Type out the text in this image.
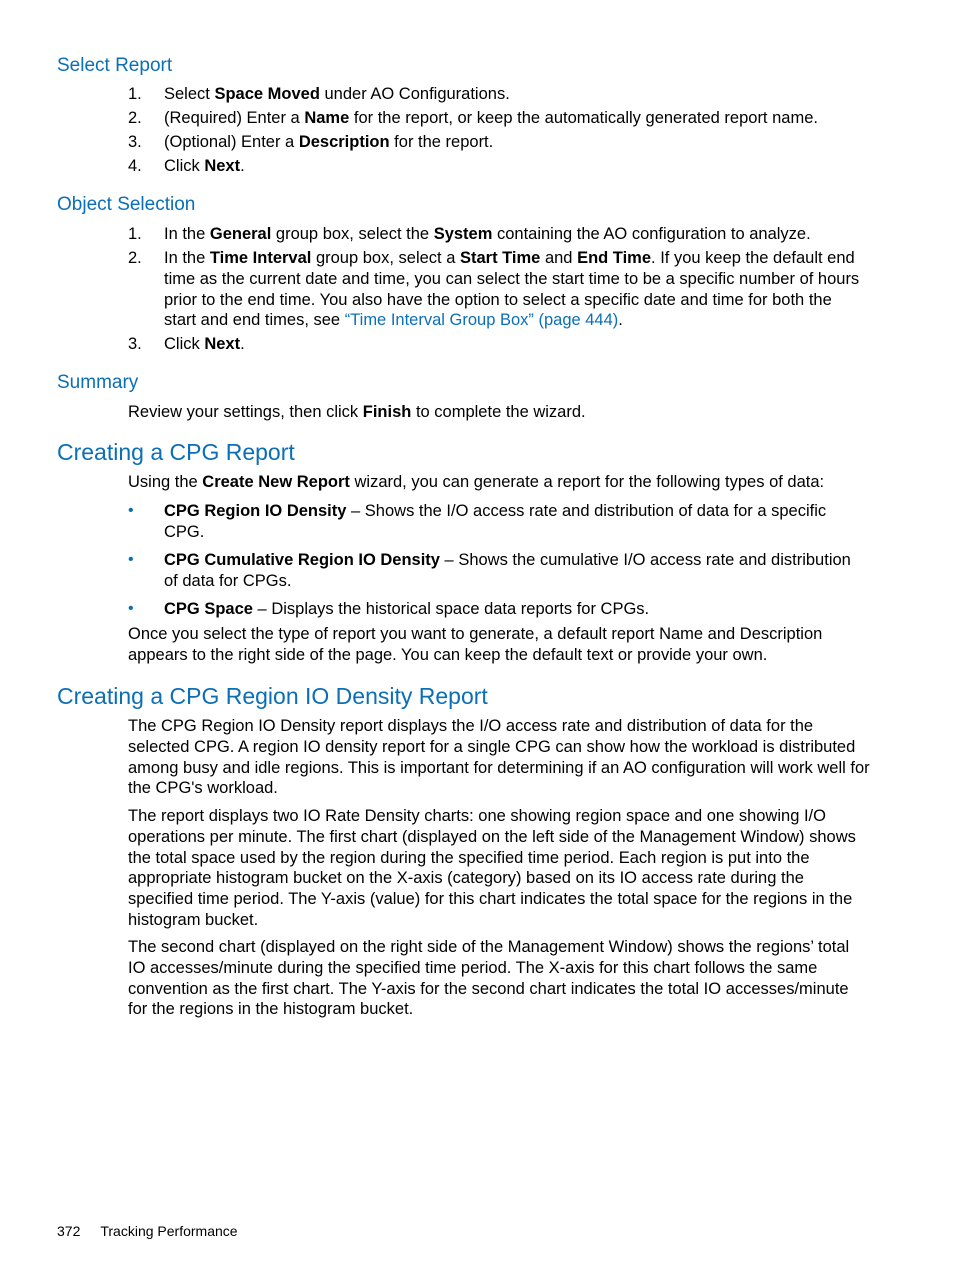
Select Report
1. Select Space Moved under AO Configurations.
2. (Required) Enter a Name for the report, or keep the automatically generated report name.
3. (Optional) Enter a Description for the report.
4. Click Next.
Object Selection
1. In the General group box, select the System containing the AO configuration to analyze.
2. In the Time Interval group box, select a Start Time and End Time. If you keep the default end time as the current date and time, you can select the start time to be a specific number of hours prior to the end time. You also have the option to select a specific date and time for both the start and end times, see “Time Interval Group Box” (page 444).
3. Click Next.
Summary
Review your settings, then click Finish to complete the wizard.
Creating a CPG Report
Using the Create New Report wizard, you can generate a report for the following types of data:
• CPG Region IO Density – Shows the I/O access rate and distribution of data for a specific CPG.
• CPG Cumulative Region IO Density – Shows the cumulative I/O access rate and distribution of data for CPGs.
• CPG Space – Displays the historical space data reports for CPGs.
Once you select the type of report you want to generate, a default report Name and Description appears to the right side of the page. You can keep the default text or provide your own.
Creating a CPG Region IO Density Report
The CPG Region IO Density report displays the I/O access rate and distribution of data for the selected CPG. A region IO density report for a single CPG can show how the workload is distributed among busy and idle regions. This is important for determining if an AO configuration will work well for the CPG's workload.
The report displays two IO Rate Density charts: one showing region space and one showing I/O operations per minute. The first chart (displayed on the left side of the Management Window) shows the total space used by the region during the specified time period. Each region is put into the appropriate histogram bucket on the X-axis (category) based on its IO access rate during the specified time period. The Y-axis (value) for this chart indicates the total space for the regions in the histogram bucket.
The second chart (displayed on the right side of the Management Window) shows the regions’ total IO accesses/minute during the specified time period. The X-axis for this chart follows the same convention as the first chart. The Y-axis for the second chart indicates the total IO accesses/minute for the regions in the histogram bucket.
372 Tracking Performance
